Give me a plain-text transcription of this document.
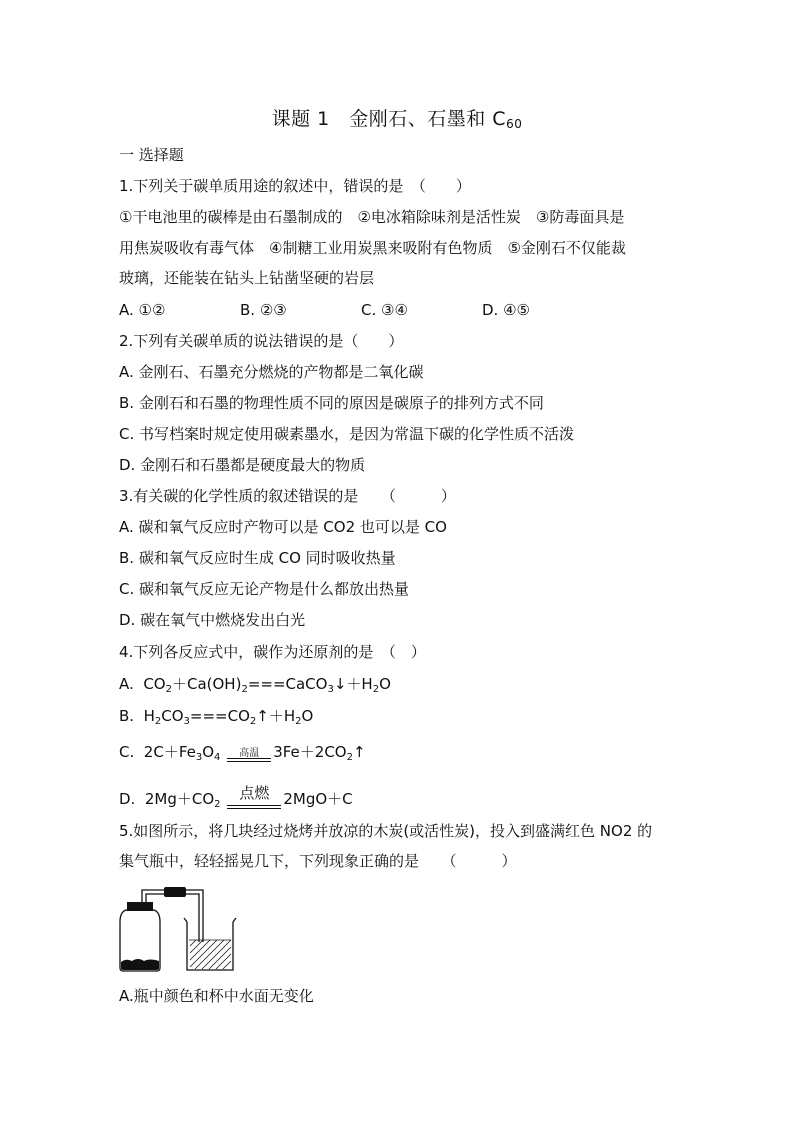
课题 1　金刚石、石墨和 $C_{60}$
一 选择题
1.下列关于碳单质用途的叙述中，错误的是　（　　）
①干电池里的碳棒是由石墨制成的　②电冰箱除味剂是活性炭　③防毒面具是
用焦炭吸收有毒气体　④制糖工业用炭黑来吸附有色物质　⑤金刚石不仅能裁
玻璃，还能装在钻头上钻凿坚硬的岩层
A. ①②	B. ②③	C. ③④	D. ④⑤
2.下列有关碳单质的说法错误的是（　　）
A. 金刚石、石墨充分燃烧的产物都是二氧化碳
B. 金刚石和石墨的物理性质不同的原因是碳原子的排列方式不同
C. 书写档案时规定使用碳素墨水，是因为常温下碳的化学性质不活泼
D. 金刚石和石墨都是硬度最大的物质
3.有关碳的化学性质的叙述错误的是　　（　　　）
A. 碳和氧气反应时产物可以是 CO2 也可以是 CO
B. 碳和氧气反应时生成 CO 同时吸收热量
C. 碳和氧气反应无论产物是什么都放出热量
D. 碳在氧气中燃烧发出白光
4.下列各反应式中，碳作为还原剂的是　（　）
A. $CO_2+Ca(OH)_2===CaCO_3↓+H_2O$
B. $H_2CO_3===CO_2↑+H_2O$
C. $2C+Fe_3O_4$	高温 $3Fe+2CO_2↑$
D. $2Mg+CO_2$
点燃 2MgO＋C
5.如图所示，将几块经过烧烤并放凉的木炭(或活性炭)，投入到盛满红色 NO2 的
集气瓶中，轻轻摇晃几下，下列现象正确的是　　（　　　）
A.瓶中颜色和杯中水面无变化
